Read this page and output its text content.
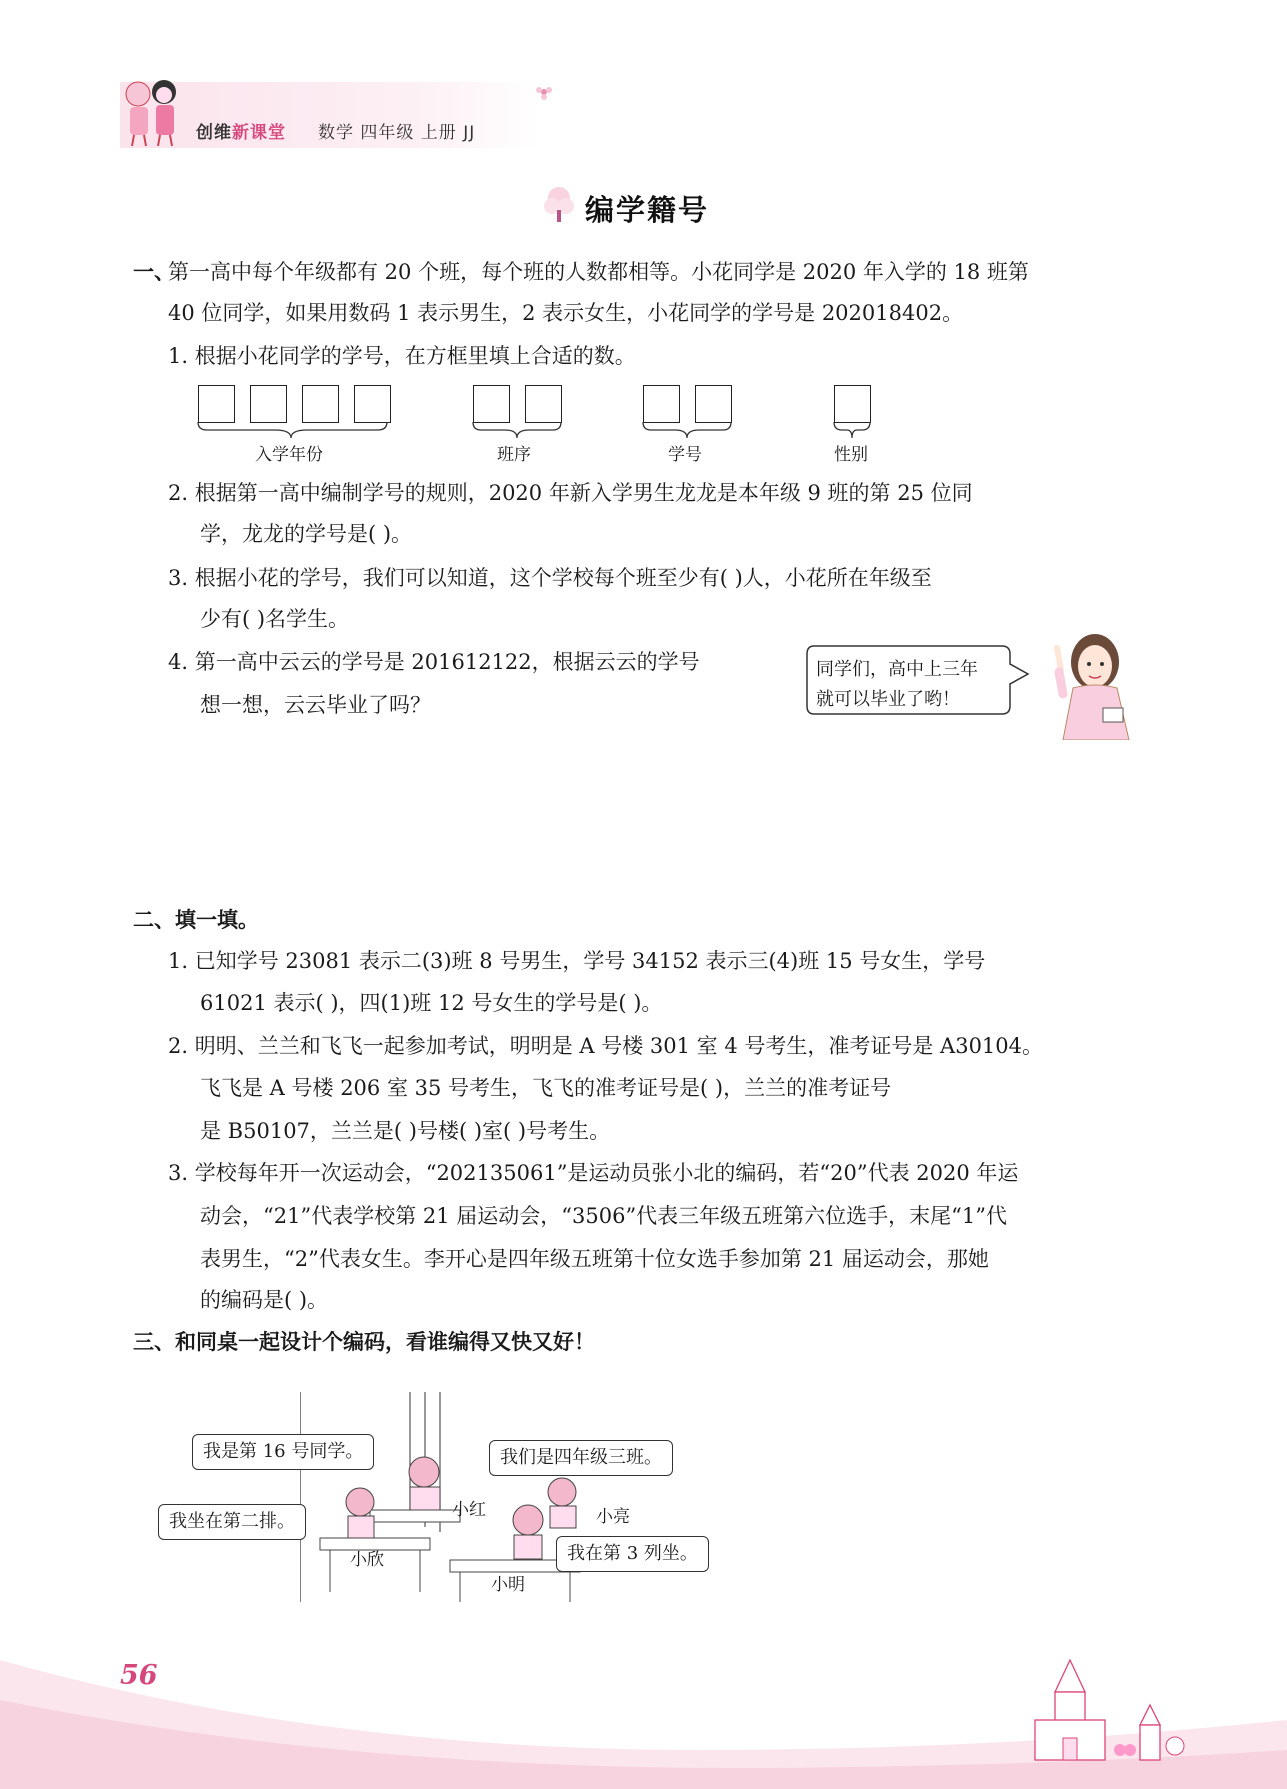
创维新课堂 数学 四年级 上册 JJ
编学籍号
一、
第一高中每个年级都有 20 个班，每个班的人数都相等。小花同学是 2020 年入学的 18 班第
40 位同学，如果用数码 1 表示男生，2 表示女生，小花同学的学号是 202018402。
1. 根据小花同学的学号，在方框里填上合适的数。
入学年份	班序	学号	性别
2. 根据第一高中编制学号的规则，2020 年新入学男生龙龙是本年级 9 班的第 25 位同
学，龙龙的学号是( )。
3. 根据小花的学号，我们可以知道，这个学校每个班至少有( )人，小花所在年级至
少有( )名学生。
4. 第一高中云云的学号是 201612122，根据云云的学号
想一想，云云毕业了吗？
同学们，高中上三年
就可以毕业了哟！
二、填一填。
1. 已知学号 23081 表示二(3)班 8 号男生，学号 34152 表示三(4)班 15 号女生，学号
61021 表示( )，四(1)班 12 号女生的学号是( )。
2. 明明、兰兰和飞飞一起参加考试，明明是 A 号楼 301 室 4 号考生，准考证号是 A30104。
飞飞是 A 号楼 206 室 35 号考生，飞飞的准考证号是( )，兰兰的准考证号
是 B50107，兰兰是( )号楼( )室( )号考生。
3. 学校每年开一次运动会，“202135061”是运动员张小北的编码，若“20”代表 2020 年运
动会，“21”代表学校第 21 届运动会，“3506”代表三年级五班第六位选手，末尾“1”代
表男生，“2”代表女生。李开心是四年级五班第十位女选手参加第 21 届运动会，那她
的编码是( )。
三、和同桌一起设计个编码，看谁编得又快又好！
我是第 16 号同学。	我们是四年级三班。
我坐在第二排。
我在第 3 列坐。
小红	小亮
小欣
小明
56
